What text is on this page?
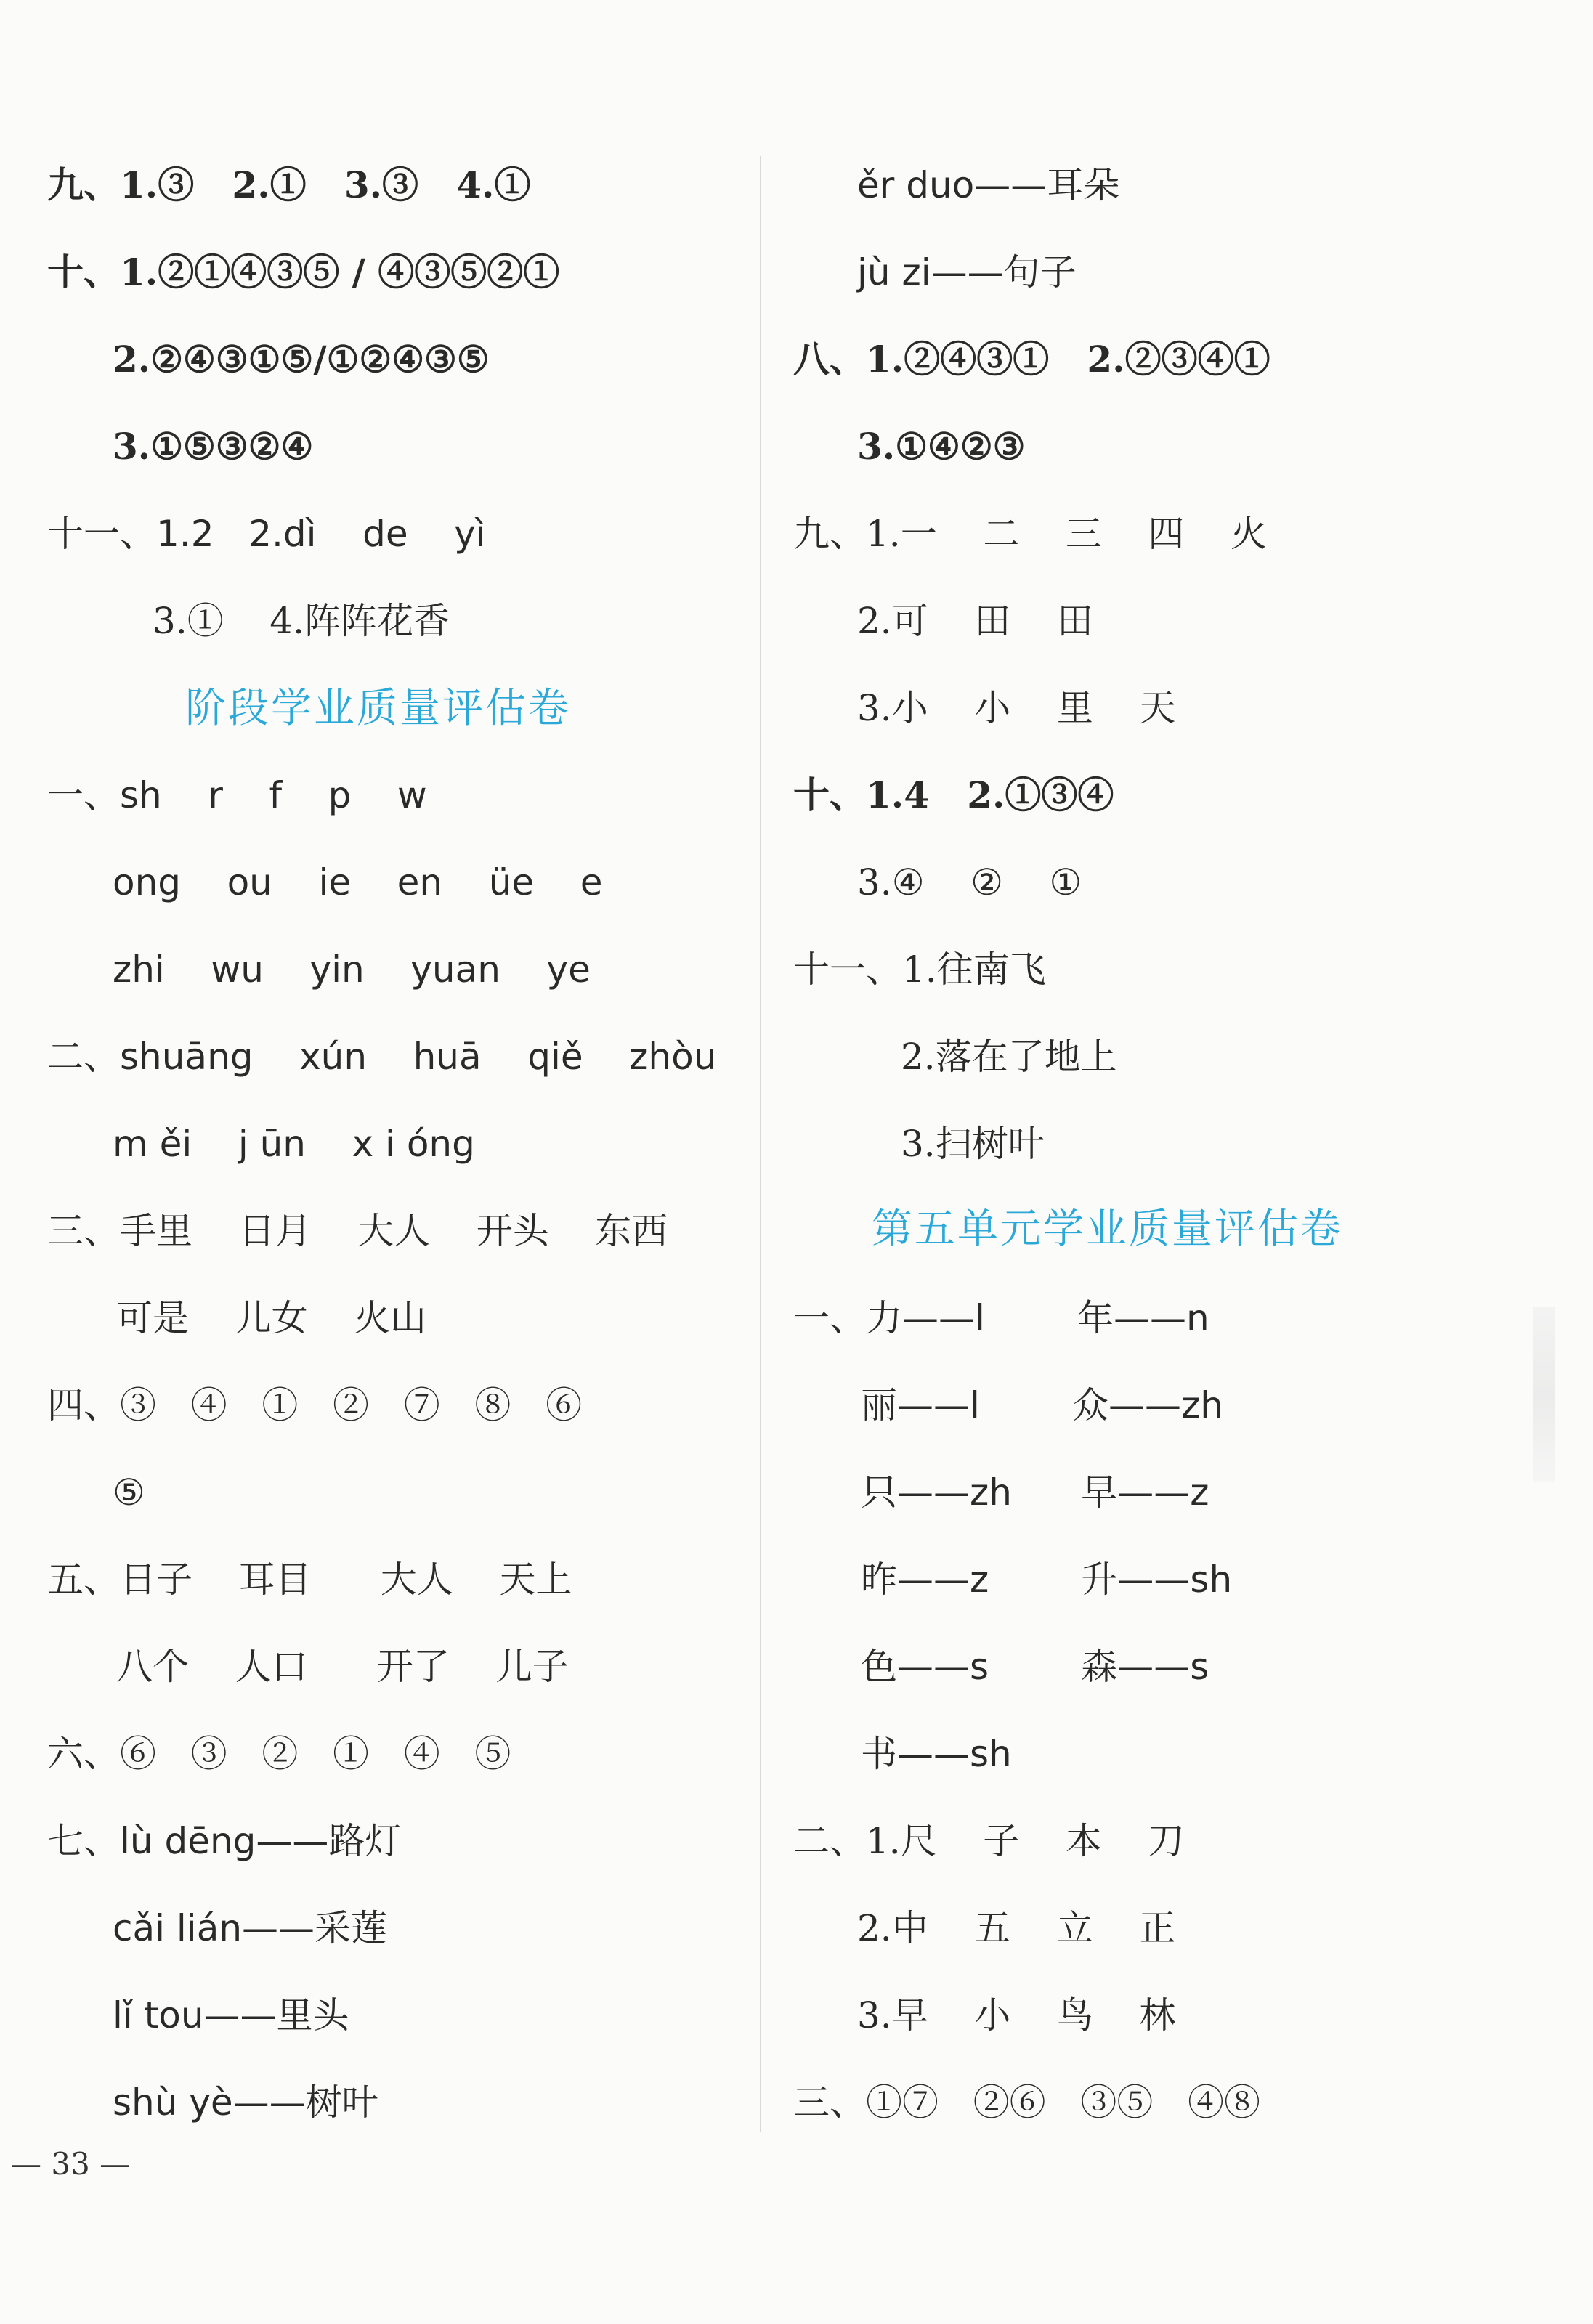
九、1.③   2.①   3.③   4.①
十、1.②①④③⑤ / ④③⑤②①
2.②④③①⑤/①②④③⑤
3.①⑤③②④
十一、1.2   2.dì    de    yì
3.①    4.阵阵花香
阶段学业质量评估卷
一、sh    r    f    p    w
ong    ou    ie    en    üe    e
zhi    wu    yin    yuan    ye
二、shuāng    xún    huā    qiě    zhòu
m ěi    j ūn    x i óng
三、手里    日月    大人    开头    东西
可是    儿女    火山
四、③   ④   ①   ②   ⑦   ⑧   ⑥
⑤
五、日子    耳目      大人    天上
八个    人口      开了    儿子
六、⑥   ③   ②   ①   ④   ⑤
七、lù dēng——路灯
cǎi lián——采莲
lǐ tou——里头
shù yè——树叶
ěr duo——耳朵
jù zi——句子
八、1.②④③①   2.②③④①
3.①④②③
九、1.一    二    三    四    火
2.可    田    田
3.小    小    里    天
十、1.4   2.①③④
3.④    ②    ①
十一、1.往南飞
2.落在了地上
3.扫树叶
第五单元学业质量评估卷
一、力——l        年——n
丽——l        众——zh
只——zh      早——z
昨——z        升——sh
色——s        森——s
书——sh
二、1.尺    子    本    刀
2.中    五    立    正
3.早    小    鸟    林
三、①⑦   ②⑥   ③⑤   ④⑧
— 33 —
